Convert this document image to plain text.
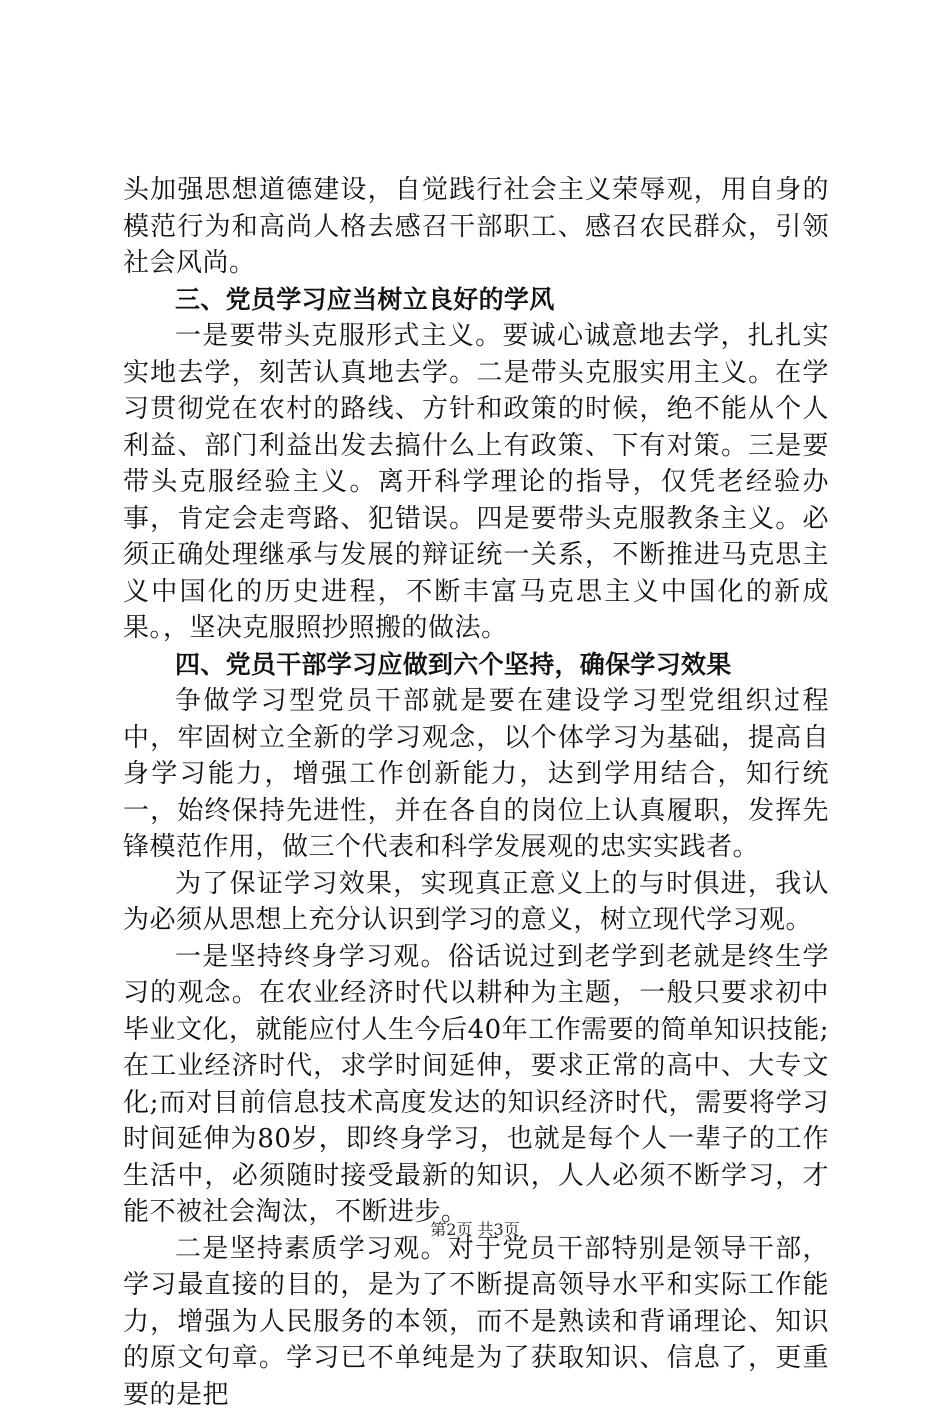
头加强思想道德建设，自觉践行社会主义荣辱观，用自身的模范行为和高尚人格去感召干部职工、感召农民群众，引领社会风尚。

三、党员学习应当树立良好的学风

一是要带头克服形式主义。要诚心诚意地去学，扎扎实实地去学，刻苦认真地去学。二是带头克服实用主义。在学习贯彻党在农村的路线、方针和政策的时候，绝不能从个人利益、部门利益出发去搞什么上有政策、下有对策。三是要带头克服经验主义。离开科学理论的指导，仅凭老经验办事，肯定会走弯路、犯错误。四是要带头克服教条主义。必须正确处理继承与发展的辩证统一关系，不断推进马克思主义中国化的历史进程，不断丰富马克思主义中国化的新成果。，坚决克服照抄照搬的做法。

四、党员干部学习应做到六个坚持，确保学习效果

争做学习型党员干部就是要在建设学习型党组织过程中，牢固树立全新的学习观念，以个体学习为基础，提高自身学习能力，增强工作创新能力，达到学用结合，知行统一，始终保持先进性，并在各自的岗位上认真履职，发挥先锋模范作用，做三个代表和科学发展观的忠实实践者。

为了保证学习效果，实现真正意义上的与时俱进，我认为必须从思想上充分认识到学习的意义，树立现代学习观。

一是坚持终身学习观。俗话说过到老学到老就是终生学习的观念。在农业经济时代以耕种为主题，一般只要求初中毕业文化，就能应付人生今后40年工作需要的简单知识技能;在工业经济时代，求学时间延伸，要求正常的高中、大专文化;而对目前信息技术高度发达的知识经济时代，需要将学习时间延伸为80岁，即终身学习，也就是每个人一辈子的工作生活中，必须随时接受最新的知识，人人必须不断学习，才能不被社会淘汰，不断进步。

二是坚持素质学习观。对于党员干部特别是领导干部，学习最直接的目的，是为了不断提高领导水平和实际工作能力，增强为人民服务的本领，而不是熟读和背诵理论、知识的原文句章。学习已不单纯是为了获取知识、信息了，更重要的是把

第2页 共3页
